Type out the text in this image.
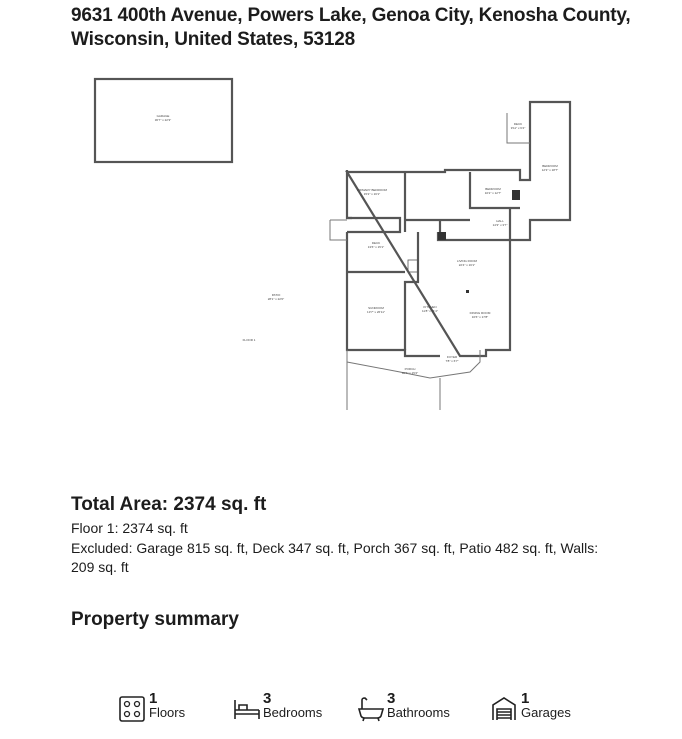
9631 400th Avenue, Powers Lake, Genoa City, Kenosha County,
Wisconsin, United States, 53128
GARAGE
36'7" x 22'3"
DECK
9'11" x 6'4"
BEDROOM
12'3" x 18'7"
PRIMARY BEDROOM
15'2" x 16'1"
BEDROOM
10'2" x 12'7"
HALL
14'3" x 3'7"
DECK
13'6" x 15'1"
LIVING ROOM
22'4" x 16'1"
PATIO
28'1" x 22'0"
SUNROOM
13'7" x 26'11"
KITCHEN
11'8" x 11'4"	DINING ROOM
16'6" x 17'8"
FOYER
7'8" x 6'7"
PORCH
30'7" x 15'2"
FLOOR 1
Total Area: 2374 sq. ft
Floor 1: 2374 sq. ft
Excluded: Garage 815 sq. ft, Deck 347 sq. ft, Porch 367 sq. ft, Patio 482 sq. ft, Walls: 209 sq. ft
Property summary
1
Floors
3
Bedrooms
3
Bathrooms
1
Garages
